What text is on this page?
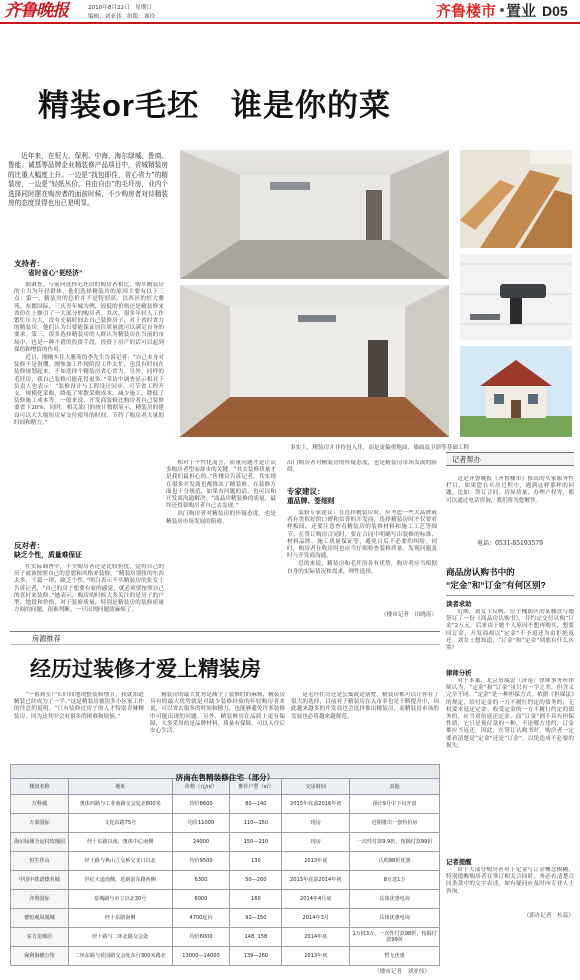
齐鲁晚报	2010年8月22日　星期日
编辑：刘亚伟　组版：睿玲	齐鲁楼市 置业 D05
精装or毛坯　谁是你的菜

近年来，在恒大、保利、中海、海尔绿城、鲁商、鲁能、诚基等品牌企业精装修产品项目中，省城精装房的比重大幅度上升。一边是“找包即住，省心省力”的精装房，一边是“轻纸丛价，自由自由”的毛坯房，业内个选择同时摆在购房者的面前时候，不少购房者对待精装房的态度显得也出已是明显。

事实上，精装房并非拎包入住，而是更偏重地面、墙面及卫浴等基础工程
支持者：
省时省心“更经济”

据调查，与前向选择毛坯房的购房者相比，购买精装房的主力为年轻群体，他们选择精装房的原因主要有以下三点：第一，精装房的总价并不是特别高，以西区的恒大雅苑、东都国际、三庆青年城为例，较低的价格还是精装修来省份在上额引了一大部分的购房者。其次，很多年轻人工作繁忙压力大，没有充裕时间去自己装修房子，对于省时省力的精装房，他们认为只要能保证居住质量就可以满足自身的要求。第三，很多选择精装房的人群认为精装房在当前的市场中，也是一种不错的投资手段，投资于房产的话可以起到保值和增值的作用。

近日，刚刚买佳大雅苑的李先生告诉记者：“自己本身对装修不是很懂，刚参加工作现阶段工作太忙，也没有时间在装修规划起来，不如选择个精装房省心省力。另外，同样的毛坯房，我自己装修可能花得更多。”采访中调查显示相对于负责人也表示：“装修设计与工程设计同步，可节省工程开支，规模化采购，降低了零散采购成本，减少施工，降低了装修施工成本等。一般来说，开发商装修比购房者自己装修要省下20%。同时，相关部门的统计数据显示，精装房的建设可以大大缩短房屋交付使用的时间，节约了购房者大量的时间和精力。”

反对者：
缺乏个性，质量难保证

在实际调查中，不少购房者还是比较担忧，觉得自己的房子就该按照自己的意愿和风格来装修。“精装房别扭的东西太多，千篇一律，缺乏个性。”明白表示不买精装房的张女士告诉记者，“自己的房子想要有家的感觉，就必须要按照自己的喜好来装修。”她表示，购房的时候大多关注的是房子的户型、地段和价格，对于装修质量，特别是精装房的装修质量方面的问题，很难判断，一旦出现问题就麻烦了。

相对于个性化而言，质量问题才是让众多购房者望而却步的关键。“其实装修质量才是我们最担心的。”售楼员告诉记者，其实现在很多开发商也都推出了精装修，在装修方面也十分规范，如果有问题的话，也可以和开发商沟通解决。“商品房精装修的质量，最终还得靠购房者自己去发现。”

出门购房者对精装房的怀疑态度，也是精装房市场发展的阻碍。

出门购房者对精装房的怀疑态度，也是精装房市场发展的阻碍。
专家建议：
重品牌、签细则

装修专家建议：在选择精装房时，应考虑一些大品牌或者有类似好的口碑和信誉的开发商，选择精装房时不仅要看样板间，还要注意查看精装房的装修材料和施工工艺等细节。在签订购房合同时，要在合同中明确写出装修的标准、材料品牌、施工质量保证等，避免日后不必要的纠纷。同时，购房者在收房时也应当仔细检查装修质量，发现问题及时与开发商沟通。

总的来说，精装房和毛坯房各有优势，购房者应当根据自身的实际情况和需求，理性选择。

（楼市记者　田晓涛）
记者帮办

这是齐鲁晚报《齐鲁楼市》推出的买家服务性栏目，如果您在买房过程中，遇到这样那样的问题，比如：签订合同、房屋质量、办理产权等，都可以通过电话咨询，我们将为您解答。

电话：0531-85193579
商品房认购书中的
“定金”和“订金”有何区别?
读者求助

近期，刘女士反映，位于槐荫区的某楼盘与她签订了一份《商品房认购书》，并约定交付认购“订金”2万元，后来由于她个人原因不想再购买，想要回订金，开发商却以“定金”不予退还为由拒绝返还。刘女士想知道，“订金”和“定金”到底有什么区别？

律师分析

对于本案，北京市瑞宏（济南）律师事务所律师认为，“定金”和“订金”虽只有一字之差，但含义完全不同。“定金”是一种担保方式，依据《担保法》的规定，给付定金的一方不履行约定的债务的，无权要求返还定金；收受定金的一方不履行约定的债务的，应当双倍返还定金。而“订金”则不具有担保性质，它只是预付款的一种，不论哪方违约，订金都应当返还。因此，在签订认购书时，购房者一定要看清楚是“定金”还是“订金”，以免造成不必要的损失。

记者提醒

由于大部分购房者对于定金与订金概念模糊，特别提醒购房者在签订相关合同时，务必看清楚合同条款中的文字表述，如有疑问应及时向专业人士咨询。

（郭办记者　杜蕊）
房源推荐
经历过装修才爱上精装房

“一番到室户长时间地现整装修增节，我就知道精装已经成为了一半。”这是精装房被很多小区家工作的任总的说明。“只有装修过房子的人才特别青睐精装房，因为这其中会有很多的困难和烦恼。”

精装房的最大优势是减少了装修时的麻烦，精装房具有的最大优势就是对缺少装修经验的年轻购房者来说，可以省去很多的时间和精力，也能够避免许多装修中可能出现的问题。另外，精装修房在品质上更有保障，大多采用的是品牌材料，质量有保障，可以入住后安心生活。

是毛坯住房还是公寓或是别墅，精装房都可以让你有了很大的选择，目前对于精装房在入市率也是不断提升中，因此越来越多的开发商也会选择推出精装房，而精装房市场的发展也必将越来越规范。

济南在售精装修住宅（部分）
楼盘名称	地址	价格（元/㎡）	推荐户型（㎡）	交房时间	其他
万科城	奥体西路与工业南路交会处北800米	均价8600	80—140	2015年底前2016年初	预计9月中下旬开盘
万泰国际	文化东路75号	均价11000	110—150	现房	近期推出一套特价房
海尔绿城全运村玫瑰园	经十东路以南，奥体中心南侧	24000	150—210	现房	一次性付款9.9折，按揭付款99折
恒生伴山	经十路与燕山立交桥交叉口以北	均价9500	130	2013年底	认购98折优惠
中国中铁诺德名城	世纪大道南侧，近新泉东路西侧	6300	50—260	2013年底前2014年初	8万送1万
齐鲁国际	泉城路与市立以北30号	6000	160	2014年4月底	具体优惠电询
德恒观凤凰城	经十东路南侧	4700起价	92—150	2014年3月	具体优惠电询
实力龙城居	经十路与二环北路交会处	均价6000	148, 158	2014年底	1万抵3万，一次性付款98折，按揭付款99折
保利海德公馆	二环东路与花园路交会处东行300米路北	13000—14000	139—260	2013年底	暂无优惠
（楼市记者　刘亚伟）
